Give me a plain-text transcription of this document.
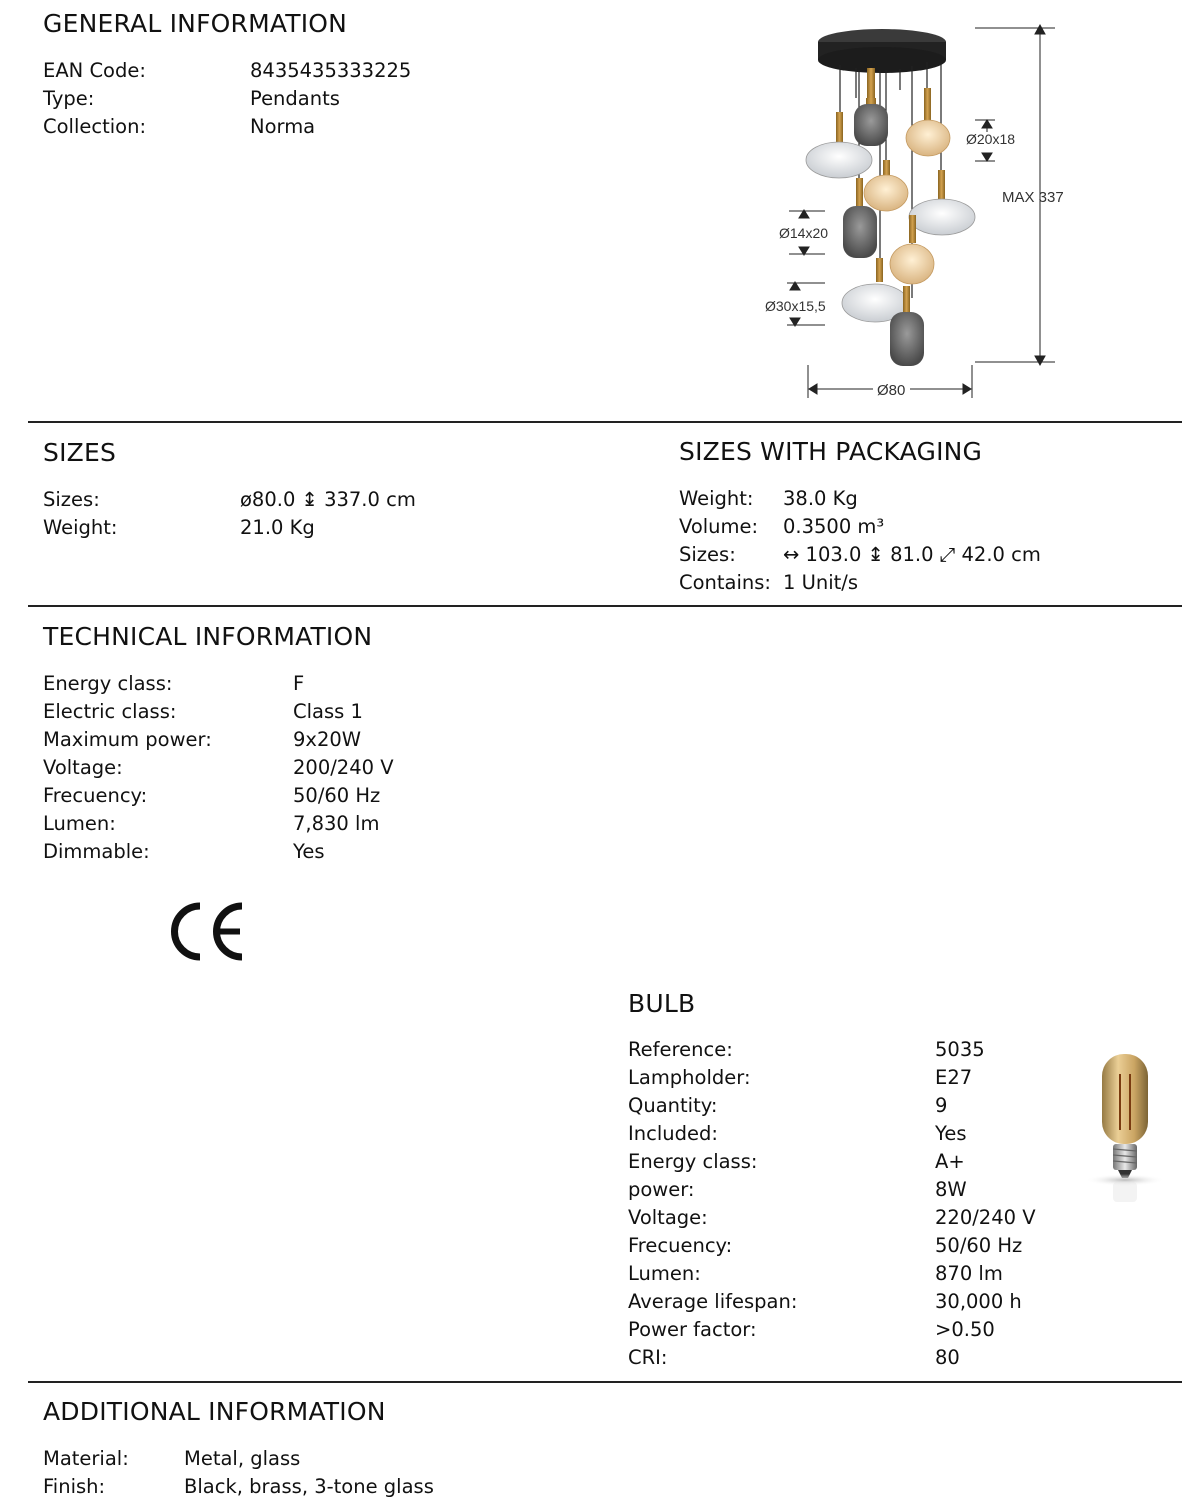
GENERAL INFORMATION
EAN Code:	8435435333225
Type:	Pendants
Collection:	Norma
Ø20x18
MAX 337
Ø14x20
Ø30x15,5
Ø80
SIZES
Sizes:	ø80.0 ↨ 337.0 cm
Weight:	21.0 Kg
SIZES WITH PACKAGING
Weight: 38.0 Kg
Volume: 0.3500 m³
Sizes: ↔ 103.0 ↨ 81.0 ⤢ 42.0 cm
Contains: 1 Unit/s
TECHNICAL INFORMATION
Energy class:	F
Electric class:	Class 1
Maximum power:	9x20W
Voltage:	200/240 V
Frecuency:	50/60 Hz
Lumen:	7,830 lm
Dimmable:	Yes
BULB
Reference:	5035
Lampholder:	E27
Quantity:	9
Included:	Yes
Energy class:	A+
power:	8W
Voltage:	220/240 V
Frecuency:	50/60 Hz
Lumen:	870 lm
Average lifespan:	30,000 h
Power factor:	>0.50
CRI:	80
ADDITIONAL INFORMATION
Material:	Metal, glass
Finish:	Black, brass, 3-tone glass
